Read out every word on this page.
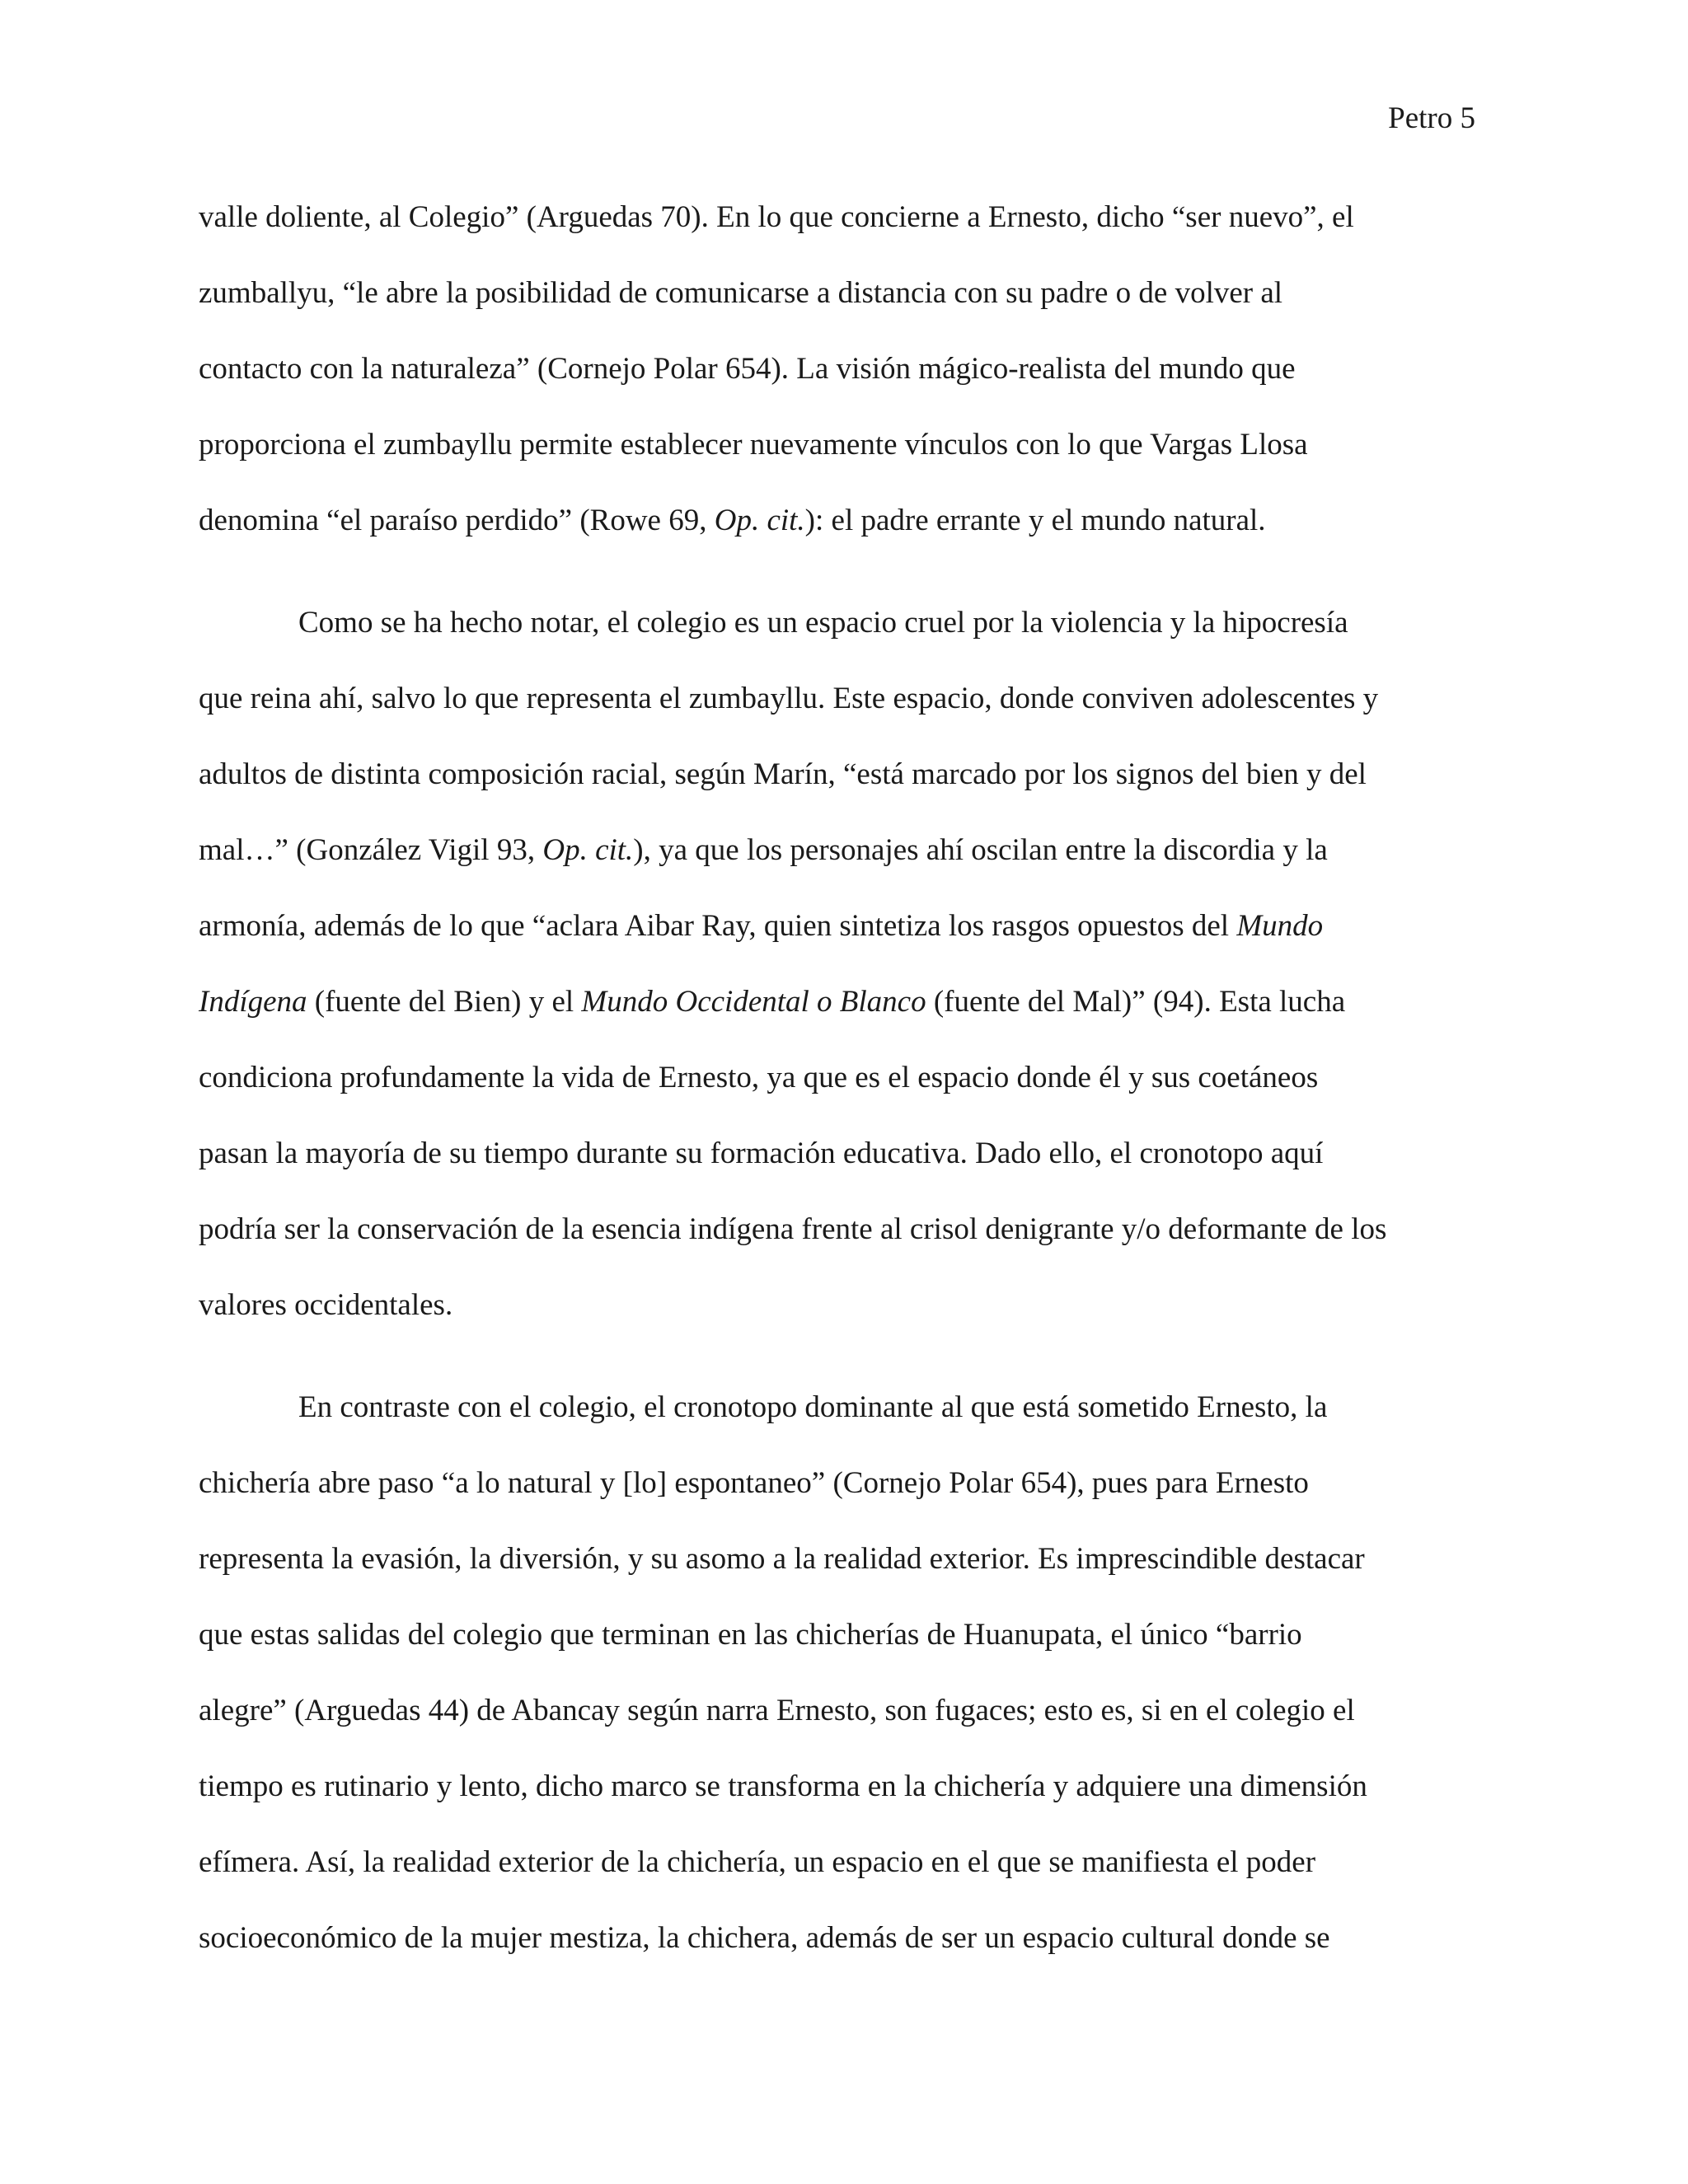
Petro 5
valle doliente, al Colegio” (Arguedas 70). En lo que concierne a Ernesto, dicho “ser nuevo”, el
zumballyu, “le abre la posibilidad de comunicarse a distancia con su padre o de volver al
contacto con la naturaleza” (Cornejo Polar 654). La visión mágico-realista del mundo que
proporciona el zumbayllu permite establecer nuevamente vínculos con lo que Vargas Llosa
denomina “el paraíso perdido” (Rowe 69, Op. cit.): el padre errante y el mundo natural.
Como se ha hecho notar, el colegio es un espacio cruel por la violencia y la hipocresía
que reina ahí, salvo lo que representa el zumbayllu. Este espacio, donde conviven adolescentes y
adultos de distinta composición racial, según Marín, “está marcado por los signos del bien y del
mal…” (González Vigil 93, Op. cit.), ya que los personajes ahí oscilan entre la discordia y la
armonía, además de lo que “aclara Aibar Ray, quien sintetiza los rasgos opuestos del Mundo
Indígena (fuente del Bien) y el Mundo Occidental o Blanco (fuente del Mal)” (94). Esta lucha
condiciona profundamente la vida de Ernesto, ya que es el espacio donde él y sus coetáneos
pasan la mayoría de su tiempo durante su formación educativa. Dado ello, el cronotopo aquí
podría ser la conservación de la esencia indígena frente al crisol denigrante y/o deformante de los
valores occidentales.
En contraste con el colegio, el cronotopo dominante al que está sometido Ernesto, la
chichería abre paso “a lo natural y [lo] espontaneo” (Cornejo Polar 654), pues para Ernesto
representa la evasión, la diversión, y su asomo a la realidad exterior. Es imprescindible destacar
que estas salidas del colegio que terminan en las chicherías de Huanupata, el único “barrio
alegre” (Arguedas 44) de Abancay según narra Ernesto, son fugaces; esto es, si en el colegio el
tiempo es rutinario y lento, dicho marco se transforma en la chichería y adquiere una dimensión
efímera. Así, la realidad exterior de la chichería, un espacio en el que se manifiesta el poder
socioeconómico de la mujer mestiza, la chichera, además de ser un espacio cultural donde se
